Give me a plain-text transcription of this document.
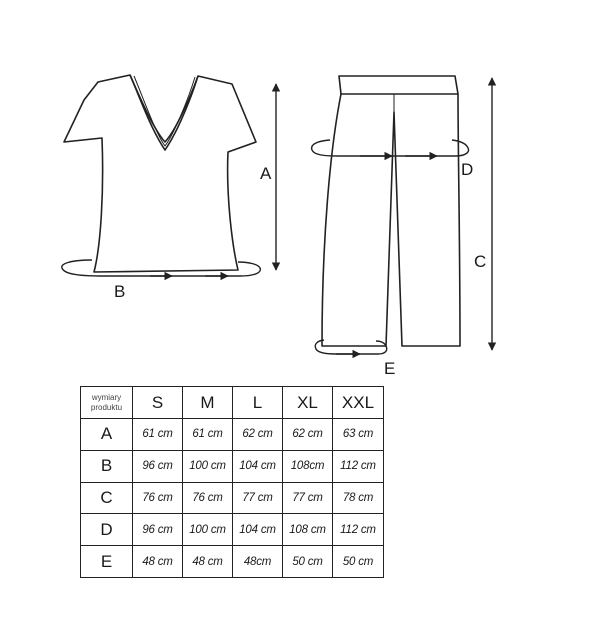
A
B
D
C
E
wymiary
produktu	S	M	L	XL	XXL
A	61 cm	61 cm	62 cm	62 cm	63 cm
B	96 cm	100 cm	104 cm	108cm	112 cm
C	76 cm	76 cm	77 cm	77 cm	78 cm
D	96 cm	100 cm	104 cm	108 cm	112 cm
E	48 cm	48 cm	48cm	50 cm	50 cm
